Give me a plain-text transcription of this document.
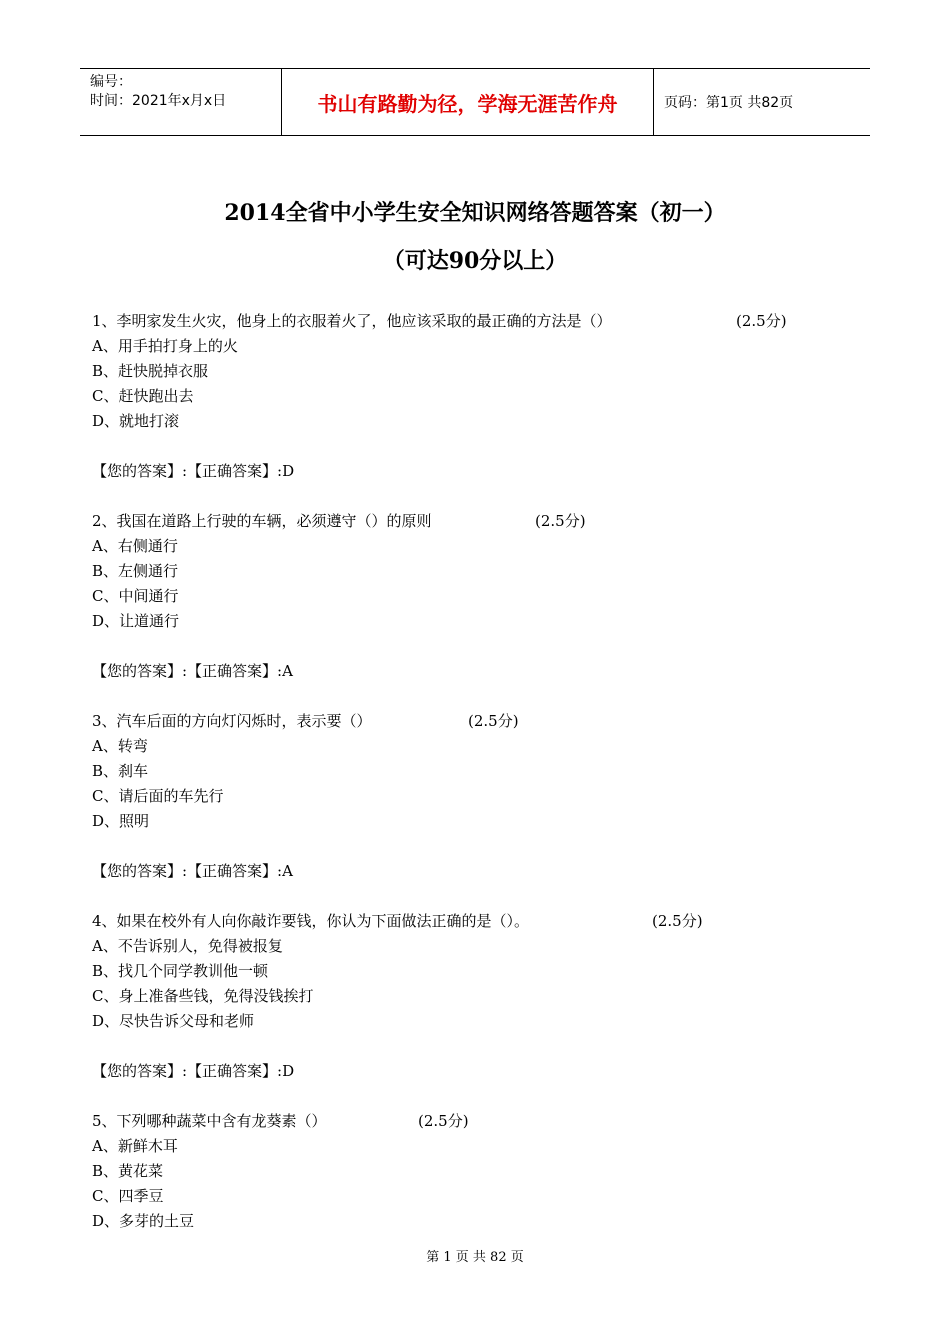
编号：
时间：2021年x月x日	书山有路勤为径，学海无涯苦作舟	页码：第1页 共82页
2014全省中小学生安全知识网络答题答案（初一）
（可达90分以上）
1、李明家发生火灾，他身上的衣服着火了，他应该采取的最正确的方法是（）	(2.5分)
A、用手拍打身上的火
B、赶快脱掉衣服
C、赶快跑出去
D、就地打滚
【您的答案】:【正确答案】:D
2、我国在道路上行驶的车辆，必须遵守（）的原则	(2.5分)
A、右侧通行
B、左侧通行
C、中间通行
D、让道通行
【您的答案】:【正确答案】:A
3、汽车后面的方向灯闪烁时，表示要（）	(2.5分)
A、转弯
B、刹车
C、请后面的车先行
D、照明
【您的答案】:【正确答案】:A
4、如果在校外有人向你敲诈要钱，你认为下面做法正确的是（）。	(2.5分)
A、不告诉别人，免得被报复
B、找几个同学教训他一顿
C、身上准备些钱，免得没钱挨打
D、尽快告诉父母和老师
【您的答案】:【正确答案】:D
5、下列哪种蔬菜中含有龙葵素（）	(2.5分)
A、新鲜木耳
B、黄花菜
C、四季豆
D、多芽的土豆
第 1 页 共 82 页
